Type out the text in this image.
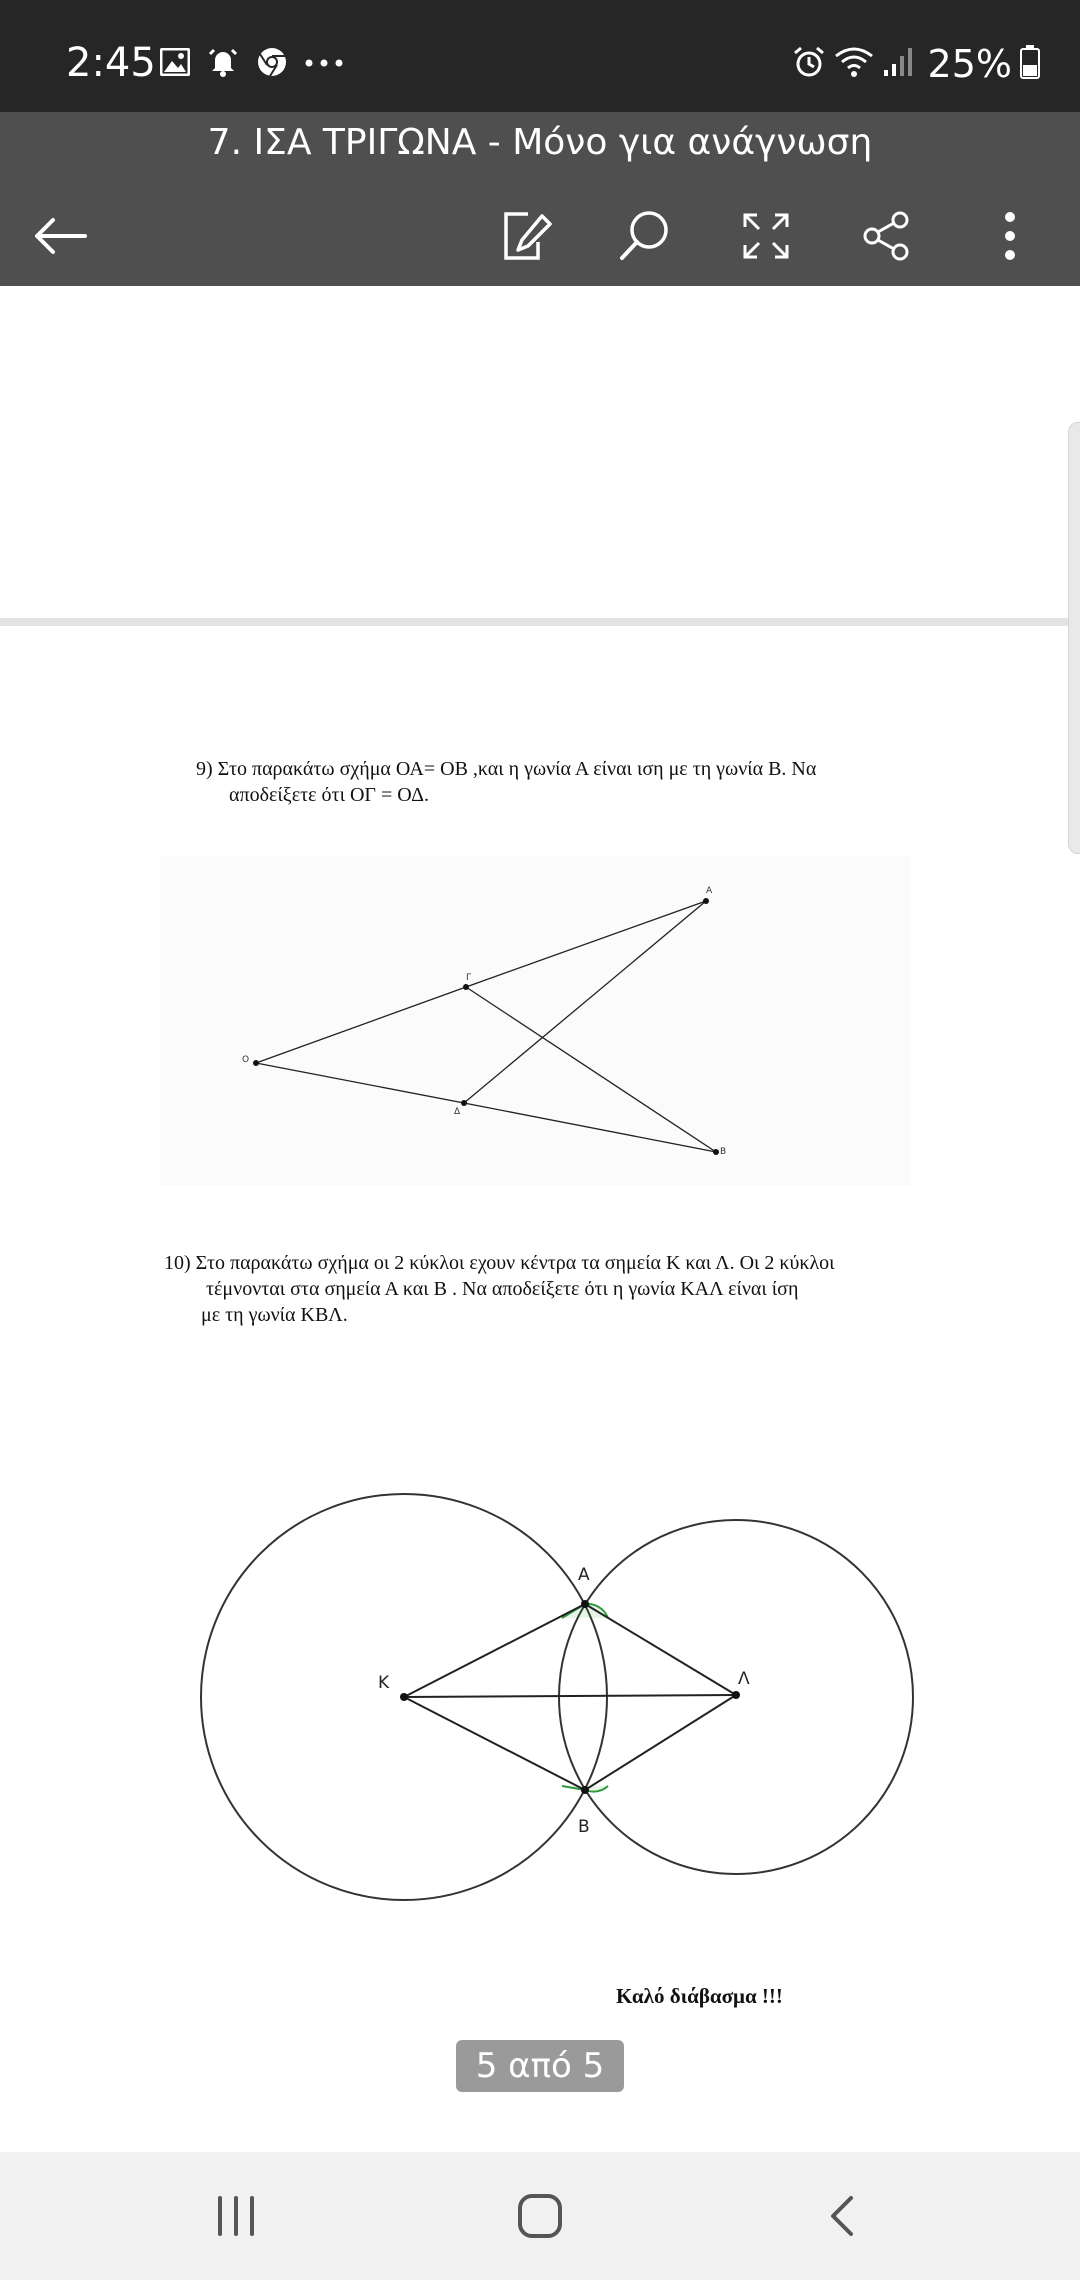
2:45	25%
7. ΙΣΑ ΤΡΙΓΩΝΑ - Μόνο για ανάγνωση
9) Στο παρακάτω σχήμα ΟΑ= ΟΒ ,και η γωνία Α είναι ιση με τη γωνία Β. Να
αποδείξετε ότι ΟΓ = ΟΔ.
A
Γ
O
Δ
B
10) Στο παρακάτω σχήμα οι 2 κύκλοι εχουν κέντρα τα σημεία Κ και Λ. Οι 2 κύκλοι
τέμνονται στα σημεία Α και Β . Να αποδείξετε ότι η γωνία ΚΑΛ είναι ίση
με τη γωνία ΚΒΛ.
A
K	Λ
B
Καλό διάβασμα !!!
5 από 5
